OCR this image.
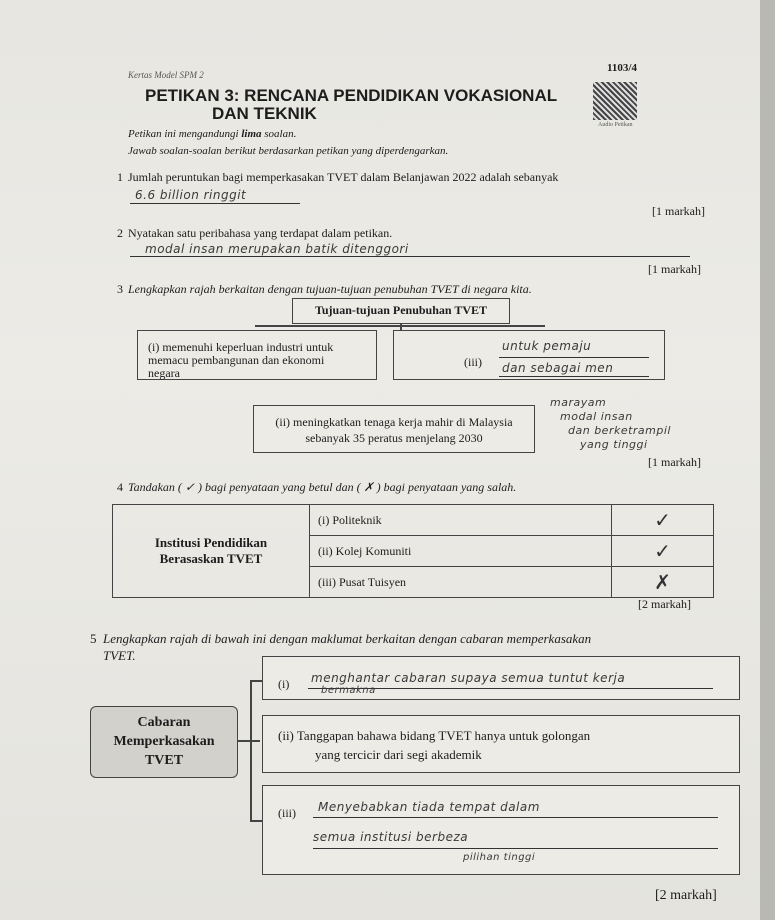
Kertas Model SPM 2
1103/4
Audio Petikan
PETIKAN 3: RENCANA PENDIDIKAN VOKASIONAL
DAN TEKNIK
Petikan ini mengandungi lima soalan.
Jawab soalan-soalan berikut berdasarkan petikan yang diperdengarkan.
1 Jumlah peruntukan bagi memperkasakan TVET dalam Belanjawan 2022 adalah sebanyak
6.6 billion ringgit
[1 markah]
2 Nyatakan satu peribahasa yang terdapat dalam petikan.
modal insan merupakan batik ditenggori
[1 markah]
3 Lengkapkan rajah berkaitan dengan tujuan-tujuan penubuhan TVET di negara kita.
Tujuan-tujuan Penubuhan TVET
(i) memenuhi keperluan industri untuk
memacu pembangunan dan ekonomi
negara
(iii)
untuk pemaju
dan sebagai men
(ii) meningkatkan tenaga kerja mahir di Malaysia
sebanyak 35 peratus menjelang 2030
marayam
modal insan
dan berketrampil
yang tinggi
[1 markah]
4 Tandakan ( ✓ ) bagi penyataan yang betul dan ( ✗ ) bagi penyataan yang salah.
Institusi Pendidikan
Berasaskan TVET	(i) Politeknik	✓
	(ii) Kolej Komuniti	✓
	(iii) Pusat Tuisyen	✗
[2 markah]
5 Lengkapkan rajah di bawah ini dengan maklumat berkaitan dengan cabaran memperkasakan
TVET.
Cabaran
Memperkasakan
TVET
(i) menghantar cabaran supaya semua tuntut kerja
bermakna
(ii) Tanggapan bahawa bidang TVET hanya untuk golongan
yang tercicir dari segi akademik
(iii) Menyebabkan tiada tempat dalam
semua institusi berbeza
pilihan tinggi
[2 markah]
